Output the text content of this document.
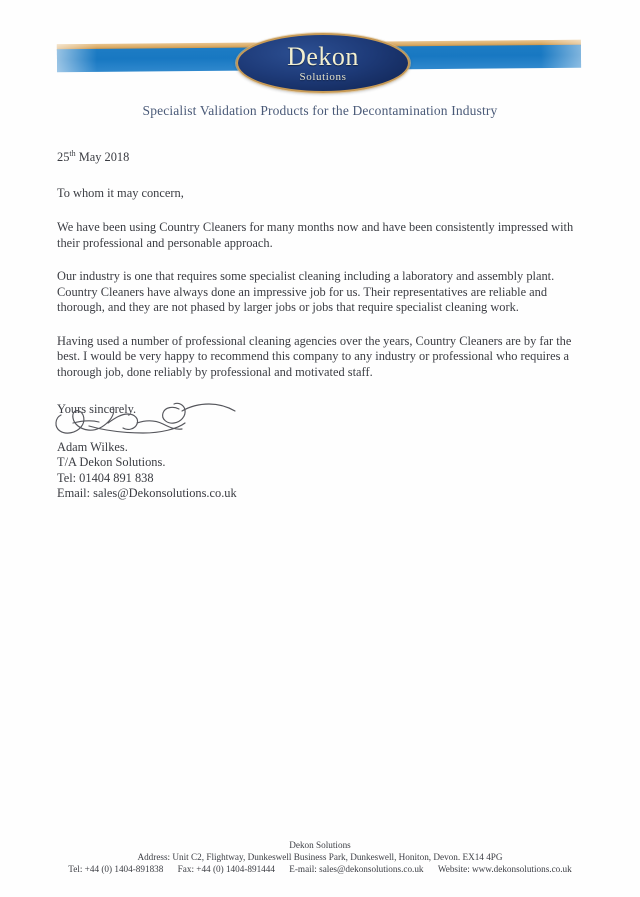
Dekon
Solutions
Specialist Validation Products for the Decontamination Industry

25th May 2018

To whom it may concern,

We have been using Country Cleaners for many months now and have been consistently impressed with their professional and personable approach.

Our industry is one that requires some specialist cleaning including a laboratory and assembly plant. Country Cleaners have always done an impressive job for us. Their representatives are reliable and thorough, and they are not phased by larger jobs or jobs that require specialist cleaning work.

Having used a number of professional cleaning agencies over the years, Country Cleaners are by far the best. I would be very happy to recommend this company to any industry or professional who requires a thorough job, done reliably by professional and motivated staff.

Yours sincerely.

Adam Wilkes.

T/A Dekon Solutions.

Tel: 01404 891 838

Email: sales@Dekonsolutions.co.uk

Dekon Solutions
Address: Unit C2, Flightway, Dunkeswell Business Park, Dunkeswell, Honiton, Devon. EX14 4PG
Tel: +44 (0) 1404-891838 Fax: +44 (0) 1404-891444 E-mail: sales@dekonsolutions.co.uk Website: www.dekonsolutions.co.uk
